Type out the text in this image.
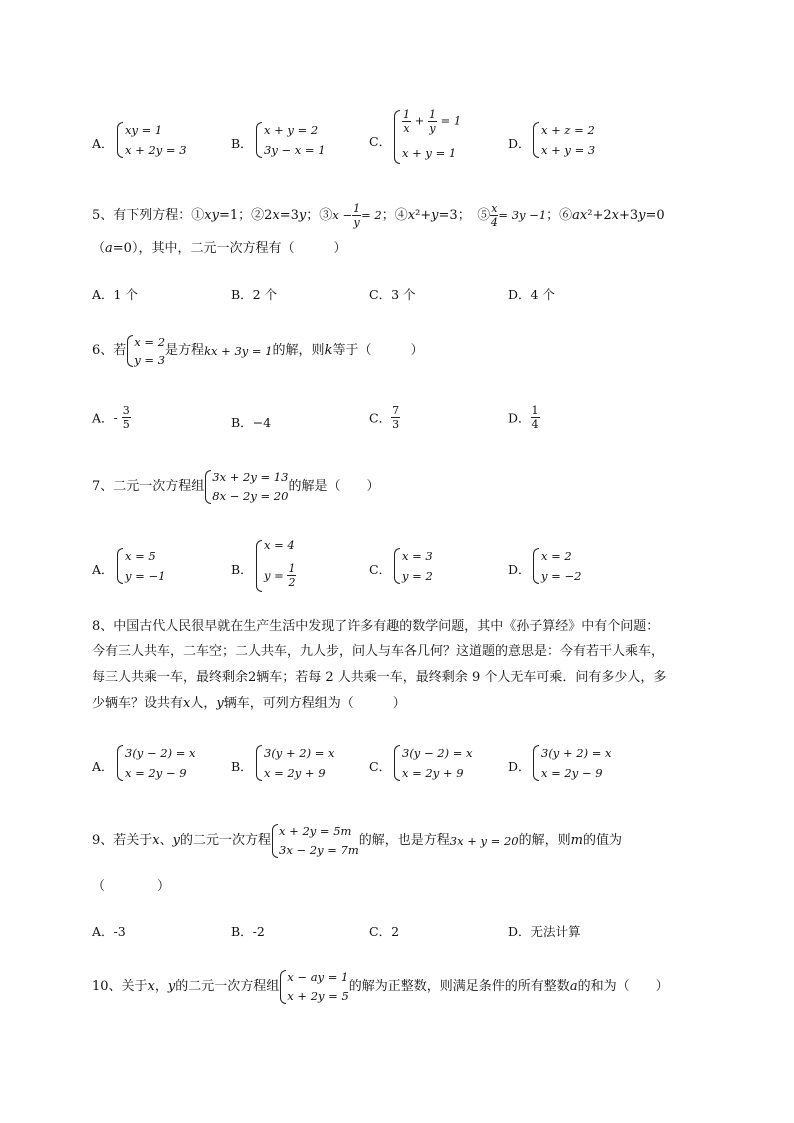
A．
xy = 1
x + 2y = 3	B．
x + y = 2
3y − x = 1
C．
$\frac{1}{x} + \frac{1}{y} = 1$
x + y = 1
D．
x + z = 2
x + y = 3
5、有下列方程：①xy=1；②2x=3y；③x − $\frac{1}{y} = 2$；④x²+y=3；　⑤ $\frac{x}{4} = 3y -1$；⑥ax²+2x+3y=0
（a=0），其中，二元一次方程有（　　　）
A．1 个	B．2 个	C．3 个	D．4 个
6、若
x = 2
y = 3
是方程kx + 3y = 1的解，则k等于（　　　）
A．- $\frac{3}{5}$	B．−4	C． $\frac{7}{3}$	D． $\frac{1}{4}$
7、二元一次方程组
3x + 2y = 13
8x − 2y = 20
的解是（　　）
A．
x = 5
y = −1	B．
x = 4
$y = \frac{1}{2}$	C．
x = 3
y = 2	D．
x = 2
y = −2
8、中国古代人民很早就在生产生活中发现了许多有趣的数学问题，其中《孙子算经》中有个问题：
今有三人共车，二车空；二人共车，九人步，问人与车各几何？这道题的意思是：今有若干人乘车，
每三人共乘一车，最终剩余2辆车；若每 2 人共乘一车，最终剩余 9 个人无车可乘．问有多少人，多
少辆车？设共有x人，y辆车，可列方程组为（　　　）
A．
3(y − 2) = x
x = 2y − 9	B．
3(y + 2) = x
x = 2y + 9	C．
3(y − 2) = x
x = 2y + 9	D．
3(y + 2) = x
x = 2y − 9
9、若关于x、y的二元一次方程
x + 2y = 5m
3x − 2y = 7m
的解，也是方程3x + y = 20的解，则m的值为
（　　　　）
A．-3	B．-2	C．2	D．无法计算
10、关于x，y的二元一次方程组
x − ay = 1
x + 2y = 5
的解为正整数，则满足条件的所有整数a的和为（　　）
